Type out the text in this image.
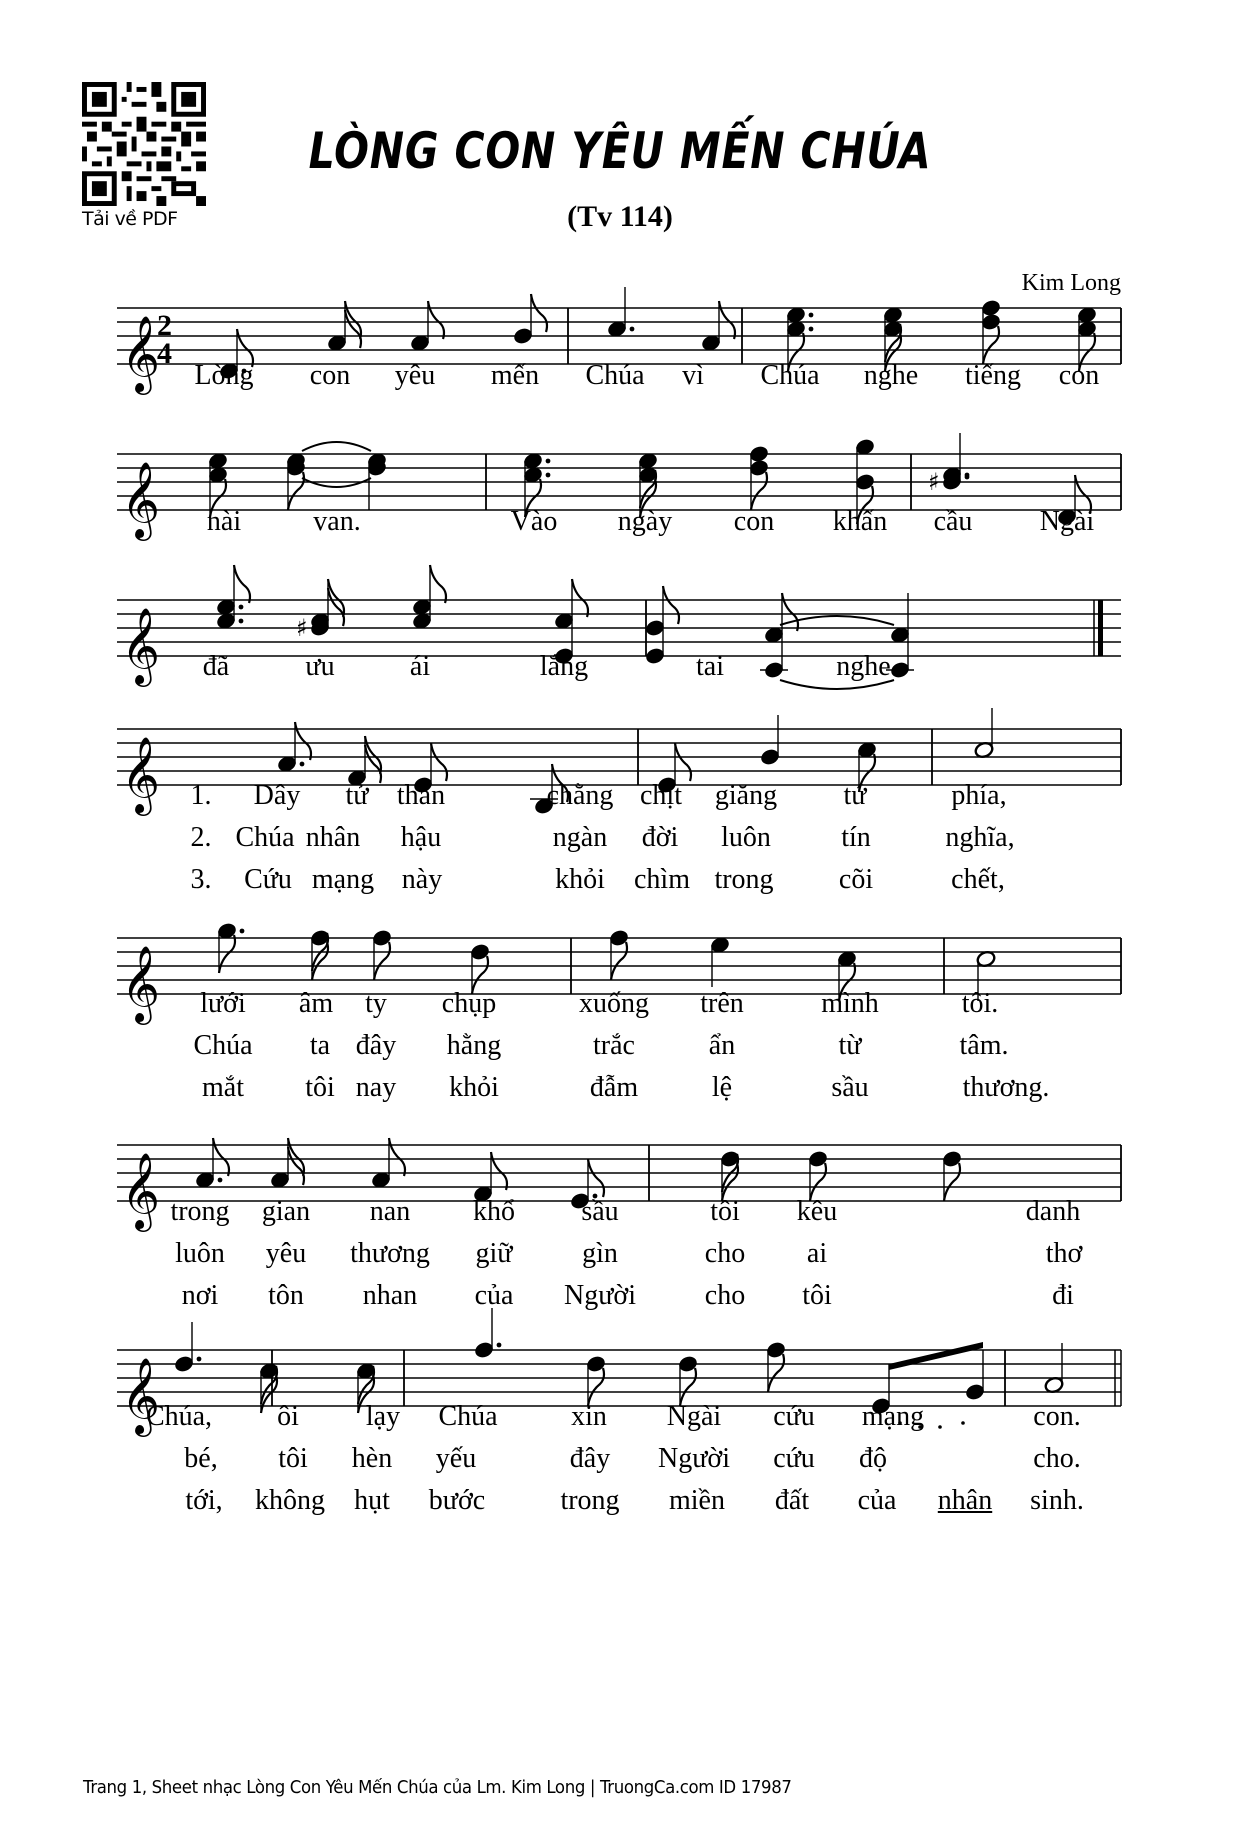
Tải về PDF
LÒNG CON YÊU MẾN CHÚA
(Tv 114)
Kim Long
𝄞
2
4
𝄞	♯
𝄞	♯
𝄞
𝄞
𝄞
𝄞
Lòng con yêu mến Chúa vì Chúa nghe tiếng con
nài	van.	Vào ngày con khấn cầu Ngài
đã	ưu	ái	lắng	tai	nghe.
1. Dây tử thần	chằng chịt giăng tứ	phía,
2. Chúa nhân hậu	ngàn đời luôn	tín	nghĩa,
3. Cứu mạng này	khỏi chìm trong cõi	chết,
lưới âm ty chụp	xuống trên	mình	tôi.
Chúa ta đây hằng	trắc	ẩn	từ	tâm.
mắt tôi nay khỏi	đẫm	lệ	sầu	thương.
trong gian nan khổ sầu	tôi kêu	danh
luôn yêu thương giữ gìn	cho ai	thơ
nơi tôn nhan của Người cho tôi	đi
Chúa, ôi lạy Chúa	xin Ngài cứu mạng	con.
bé, tôi hèn yếu	đây Người cứu độ	cho.
tới, không hụt bước	trong miền đất của nhân sinh.
Trang 1, Sheet nhạc Lòng Con Yêu Mến Chúa của Lm. Kim Long | TruongCa.com ID 17987
